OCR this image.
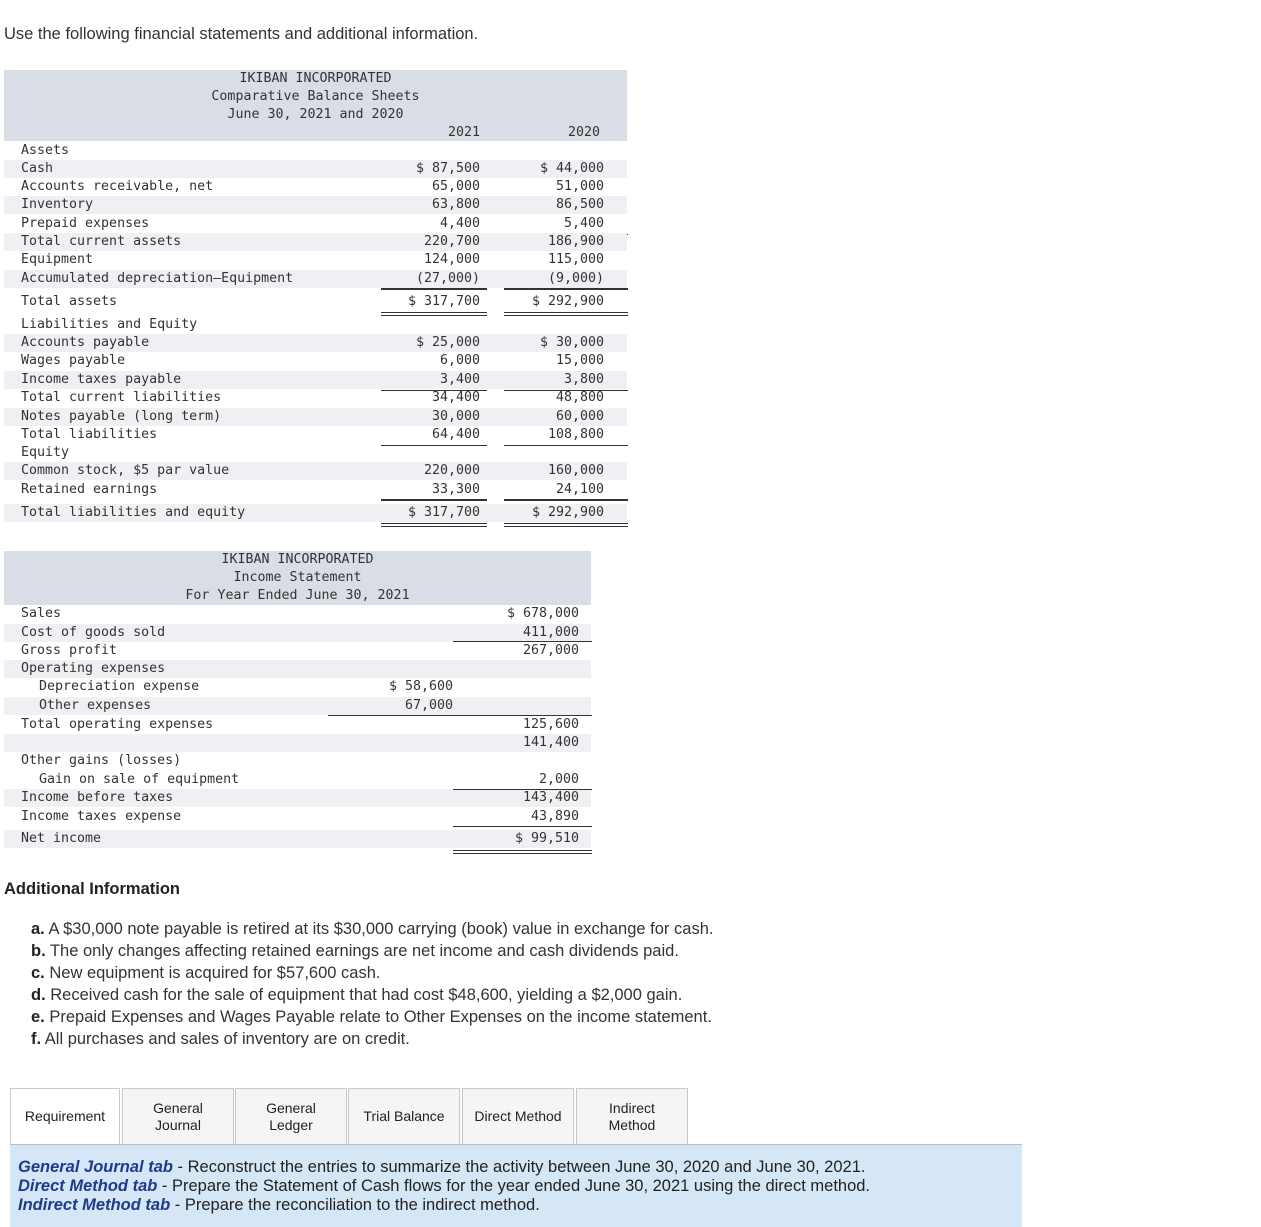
Use the following financial statements and additional information.
IKIBAN INCORPORATED
Comparative Balance Sheets
June 30, 2021 and 2020
2021	2020
Assets
Cash	$ 87,500	$ 44,000
Accounts receivable, net	65,000	51,000
Inventory	63,800	86,500
Prepaid expenses	4,400	5,400
Total current assets	220,700	186,900
Equipment	124,000	115,000
Accumulated depreciation—Equipment	(27,000)	(9,000)
Total assets	$ 317,700	$ 292,900
Liabilities and Equity
Accounts payable	$ 25,000	$ 30,000
Wages payable	6,000	15,000
Income taxes payable	3,400	3,800
Total current liabilities	34,400	48,800
Notes payable (long term)	30,000	60,000
Total liabilities	64,400	108,800
Equity
Common stock, $5 par value	220,000	160,000
Retained earnings	33,300	24,100
Total liabilities and equity	$ 317,700	$ 292,900
IKIBAN INCORPORATED
Income Statement
For Year Ended June 30, 2021
Sales	$ 678,000
Cost of goods sold	411,000
Gross profit	267,000
Operating expenses
Depreciation expense	$ 58,600
Other expenses	67,000
Total operating expenses	125,600
141,400
Other gains (losses)
Gain on sale of equipment	2,000
Income before taxes	143,400
Income taxes expense	43,890
Net income	$ 99,510
Additional Information
a. A $30,000 note payable is retired at its $30,000 carrying (book) value in exchange for cash.
b. The only changes affecting retained earnings are net income and cash dividends paid.
c. New equipment is acquired for $57,600 cash.
d. Received cash for the sale of equipment that had cost $48,600, yielding a $2,000 gain.
e. Prepaid Expenses and Wages Payable relate to Other Expenses on the income statement.
f. All purchases and sales of inventory are on credit.
Requirement
General
Journal
General
Ledger
Trial Balance Direct Method
Indirect
Method
General Journal tab - Reconstruct the entries to summarize the activity between June 30, 2020 and June 30, 2021.
Direct Method tab - Prepare the Statement of Cash flows for the year ended June 30, 2021 using the direct method.
Indirect Method tab - Prepare the reconciliation to the indirect method.
